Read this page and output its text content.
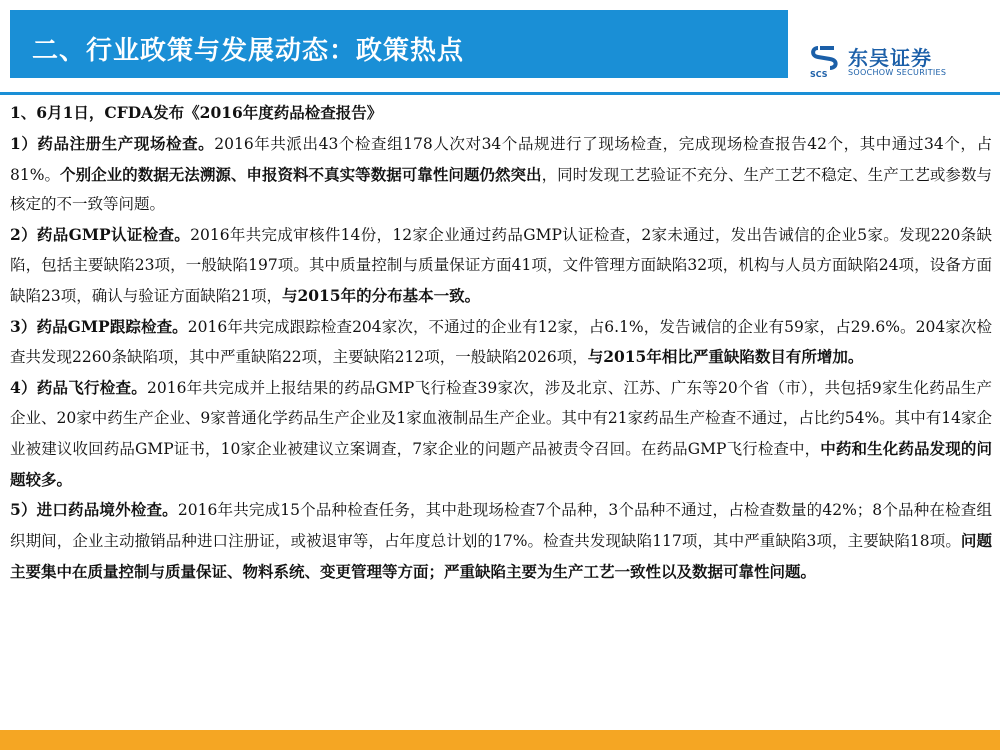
二、行业政策与发展动态：政策热点
SCS
东吴证券
SOOCHOW SECURITIES

1、6月1日，CFDA发布《2016年度药品检查报告》

1）药品注册生产现场检查。2016年共派出43个检查组178人次对34个品规进行了现场检查，完成现场检查报告42个，其中通过34个，占81%。个别企业的数据无法溯源、申报资料不真实等数据可靠性问题仍然突出，同时发现工艺验证不充分、生产工艺不稳定、生产工艺或参数与核定的不一致等问题。

2）药品GMP认证检查。2016年共完成审核件14份，12家企业通过药品GMP认证检查，2家未通过，发出告诫信的企业5家。发现220条缺陷，包括主要缺陷23项，一般缺陷197项。其中质量控制与质量保证方面41项，文件管理方面缺陷32项，机构与人员方面缺陷24项，设备方面缺陷23项，确认与验证方面缺陷21项，与2015年的分布基本一致。

3）药品GMP跟踪检查。2016年共完成跟踪检查204家次，不通过的企业有12家，占6.1%，发告诫信的企业有59家，占29.6%。204家次检查共发现2260条缺陷项，其中严重缺陷22项，主要缺陷212项，一般缺陷2026项，与2015年相比严重缺陷数目有所增加。

4）药品飞行检查。2016年共完成并上报结果的药品GMP飞行检查39家次，涉及北京、江苏、广东等20个省（市），共包括9家生化药品生产企业、20家中药生产企业、9家普通化学药品生产企业及1家血液制品生产企业。其中有21家药品生产检查不通过，占比约54%。其中有14家企业被建议收回药品GMP证书，10家企业被建议立案调查，7家企业的问题产品被责令召回。在药品GMP飞行检查中，中药和生化药品发现的问题较多。

5）进口药品境外检查。2016年共完成15个品种检查任务，其中赴现场检查7个品种，3个品种不通过，占检查数量的42%；8个品种在检查组织期间，企业主动撤销品种进口注册证，或被退审等，占年度总计划的17%。检查共发现缺陷117项，其中严重缺陷3项，主要缺陷18项。问题主要集中在质量控制与质量保证、物料系统、变更管理等方面；严重缺陷主要为生产工艺一致性以及数据可靠性问题。
